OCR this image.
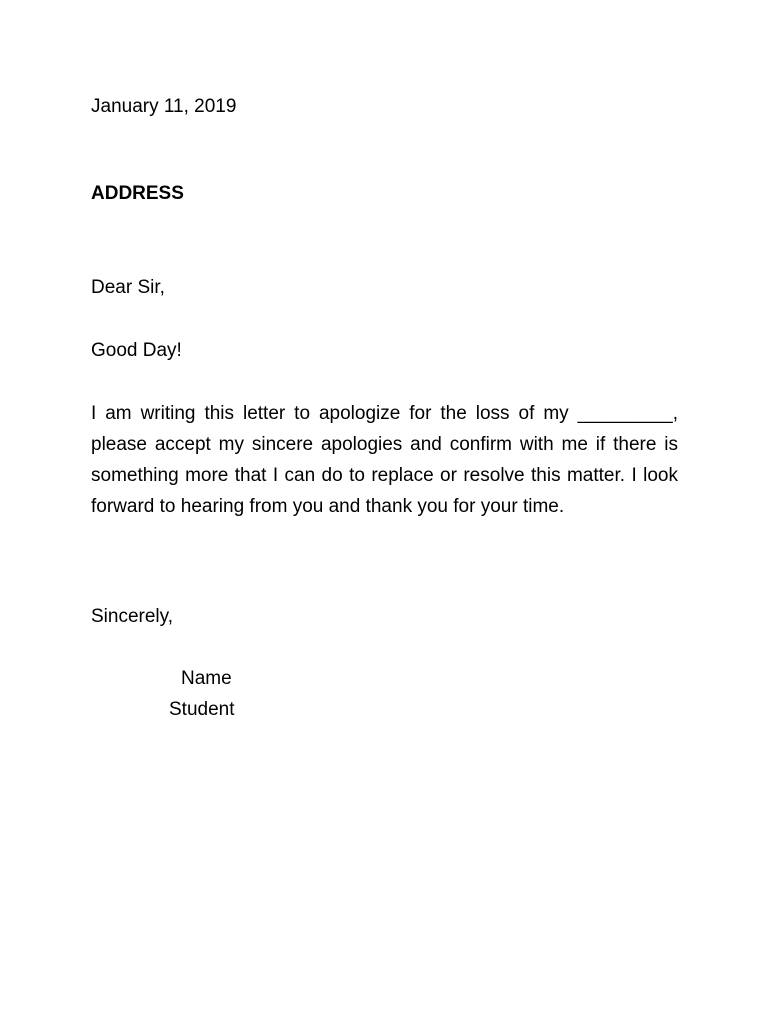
January 11, 2019
ADDRESS
Dear Sir,
Good Day!

I am writing this letter to apologize for the loss of my _________, please accept my sincere apologies and confirm with me if there is something more that I can do to replace or resolve this matter. I look forward to hearing from you and thank you for your time.

Sincerely,
Name
Student
